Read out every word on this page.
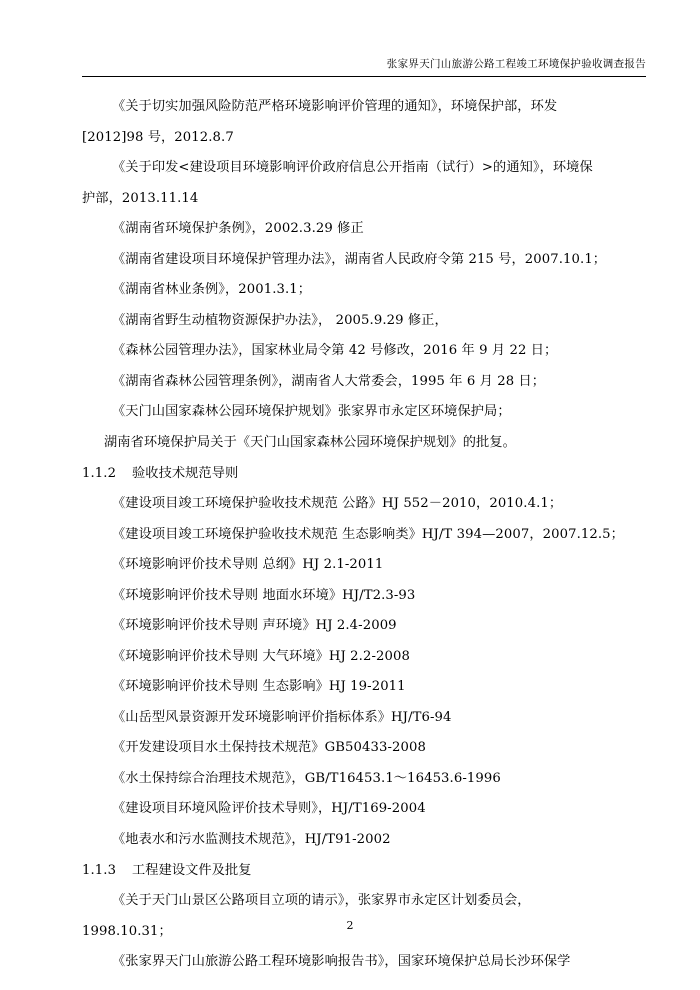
张家界天门山旅游公路工程竣工环境保护验收调查报告
《关于切实加强风险防范严格环境影响评价管理的通知》，环境保护部，环发
[2012]98 号，2012.8.7
《关于印发<建设项目环境影响评价政府信息公开指南（试行）>的通知》，环境保
护部，2013.11.14
《湖南省环境保护条例》，2002.3.29 修正
《湖南省建设项目环境保护管理办法》，湖南省人民政府令第 215 号，2007.10.1；
《湖南省林业条例》，2001.3.1；
《湖南省野生动植物资源保护办法》， 2005.9.29 修正，
《森林公园管理办法》，国家林业局令第 42 号修改，2016 年 9 月 22 日；
《湖南省森林公园管理条例》，湖南省人大常委会，1995 年 6 月 28 日；
《天门山国家森林公园环境保护规划》张家界市永定区环境保护局；
湖南省环境保护局关于《天门山国家森林公园环境保护规划》的批复。
1.1.2 验收技术规范导则
《建设项目竣工环境保护验收技术规范 公路》HJ 552－2010，2010.4.1；
《建设项目竣工环境保护验收技术规范 生态影响类》HJ/T 394—2007，2007.12.5；
《环境影响评价技术导则 总纲》HJ 2.1-2011
《环境影响评价技术导则 地面水环境》HJ/T2.3-93
《环境影响评价技术导则 声环境》HJ 2.4-2009
《环境影响评价技术导则 大气环境》HJ 2.2-2008
《环境影响评价技术导则 生态影响》HJ 19-2011
《山岳型风景资源开发环境影响评价指标体系》HJ/T6-94
《开发建设项目水土保持技术规范》GB50433-2008
《水土保持综合治理技术规范》，GB/T16453.1～16453.6-1996
《建设项目环境风险评价技术导则》，HJ/T169-2004
《地表水和污水监测技术规范》，HJ/T91-2002
1.1.3 工程建设文件及批复
《关于天门山景区公路项目立项的请示》，张家界市永定区计划委员会，
1998.10.31；
《张家界天门山旅游公路工程环境影响报告书》，国家环境保护总局长沙环保学
2
